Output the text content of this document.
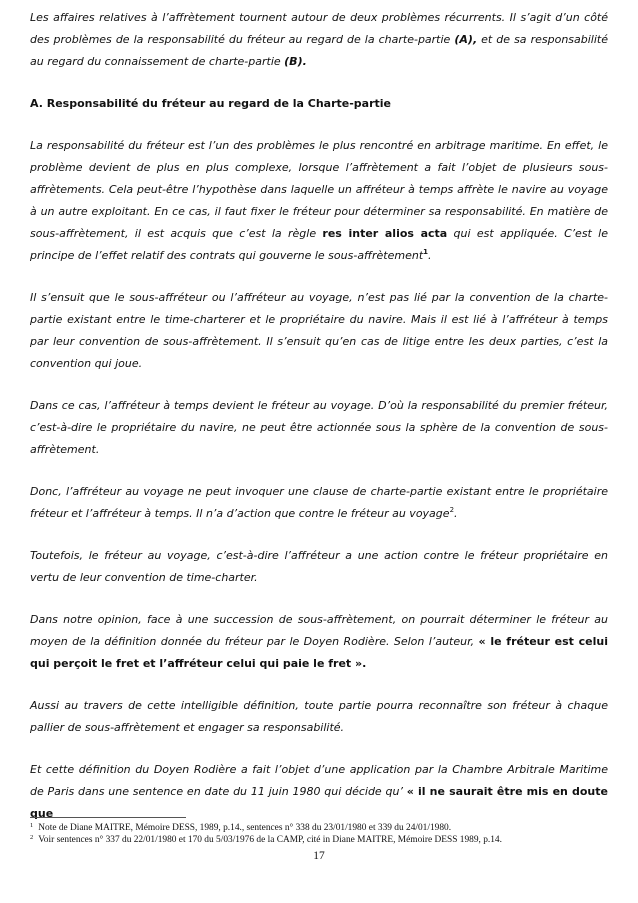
Les affaires relatives à l’affrètement tournent autour de deux problèmes récurrents. Il s’agit d’un côté des problèmes de la responsabilité du fréteur au regard de la charte-partie (A), et de sa responsabilité au regard du connaissement de charte-partie (B).

A. Responsabilité du fréteur au regard de la Charte-partie

La responsabilité du fréteur est l’un des problèmes le plus rencontré en arbitrage maritime. En effet, le problème devient de plus en plus complexe, lorsque l’affrètement a fait l’objet de plusieurs sous-affrètements. Cela peut-être l’hypothèse dans laquelle un affréteur à temps affrète le navire au voyage à un autre exploitant. En ce cas, il faut fixer le fréteur pour déterminer sa responsabilité. En matière de sous-affrètement, il est acquis que c’est la règle res inter alios acta qui est appliquée. C’est le principe de l’effet relatif des contrats qui gouverne le sous-affrètement$^1$.

Il s’ensuit que le sous-affréteur ou l’affréteur au voyage, n’est pas lié par la convention de la charte-partie existant entre le time-charterer et le propriétaire du navire. Mais il est lié à l’affréteur à temps par leur convention de sous-affrètement. Il s’ensuit qu’en cas de litige entre les deux parties, c’est la convention qui joue.

Dans ce cas, l’affréteur à temps devient le fréteur au voyage. D’où la responsabilité du premier fréteur, c’est-à-dire le propriétaire du navire, ne peut être actionnée sous la sphère de la convention de sous-affrètement.

Donc, l’affréteur au voyage ne peut invoquer une clause de charte-partie existant entre le propriétaire fréteur et l’affréteur à temps. Il n’a d’action que contre le fréteur au voyage$^2$.

Toutefois, le fréteur au voyage, c’est-à-dire l’affréteur a une action contre le fréteur propriétaire en vertu de leur convention de time-charter.

Dans notre opinion, face à une succession de sous-affrètement, on pourrait déterminer le fréteur au moyen de la définition donnée du fréteur par le Doyen Rodière. Selon l’auteur, « le fréteur est celui qui perçoit le fret et l’affréteur celui qui paie le fret ».

Aussi au travers de cette intelligible définition, toute partie pourra reconnaître son fréteur à chaque pallier de sous-affrètement et engager sa responsabilité.

Et cette définition du Doyen Rodière a fait l’objet d’une application par la Chambre Arbitrale Maritime de Paris dans une sentence en date du 11 juin 1980 qui décide qu’ « il ne saurait être mis en doute que

$^1$ Note de Diane MAITRE, Mémoire DESS, 1989, p.14., sentences n° 338 du 23/01/1980 et 339 du 24/01/1980.

$^2$ Voir sentences n° 337 du 22/01/1980 et 170 du 5/03/1976 de la CAMP, cité in Diane MAITRE, Mémoire DESS 1989, p.14.

17
